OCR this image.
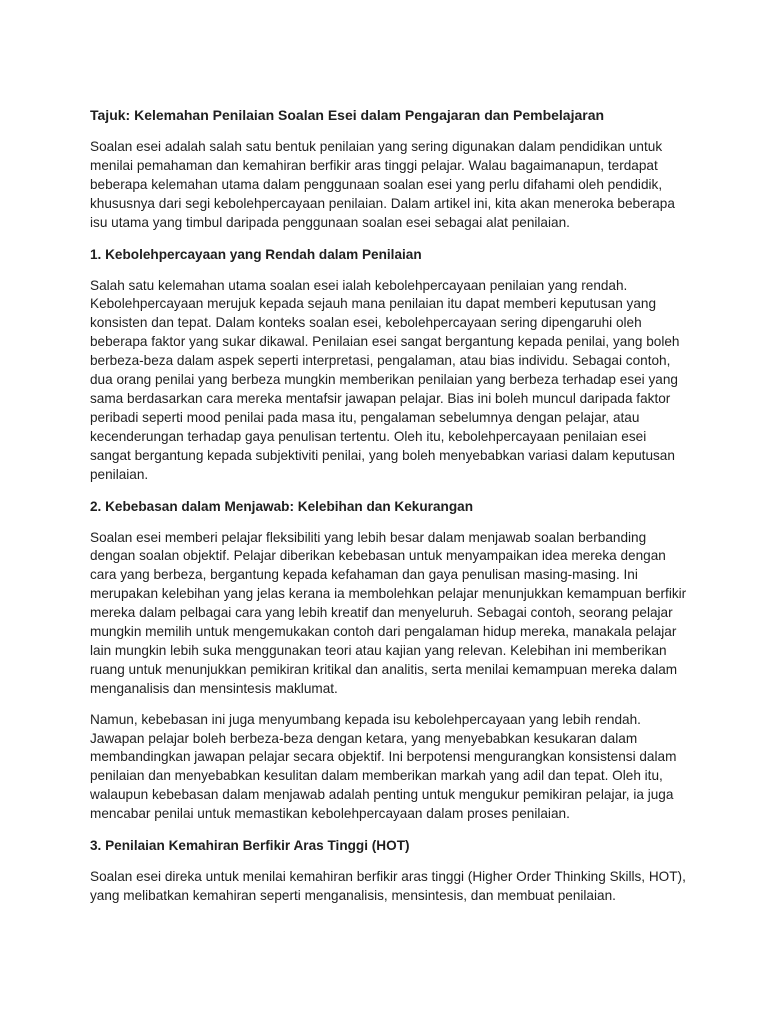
Tajuk: Kelemahan Penilaian Soalan Esei dalam Pengajaran dan Pembelajaran

Soalan esei adalah salah satu bentuk penilaian yang sering digunakan dalam pendidikan untuk menilai pemahaman dan kemahiran berfikir aras tinggi pelajar. Walau bagaimanapun, terdapat beberapa kelemahan utama dalam penggunaan soalan esei yang perlu difahami oleh pendidik, khususnya dari segi kebolehpercayaan penilaian. Dalam artikel ini, kita akan meneroka beberapa isu utama yang timbul daripada penggunaan soalan esei sebagai alat penilaian.

1. Kebolehpercayaan yang Rendah dalam Penilaian

Salah satu kelemahan utama soalan esei ialah kebolehpercayaan penilaian yang rendah. Kebolehpercayaan merujuk kepada sejauh mana penilaian itu dapat memberi keputusan yang konsisten dan tepat. Dalam konteks soalan esei, kebolehpercayaan sering dipengaruhi oleh beberapa faktor yang sukar dikawal. Penilaian esei sangat bergantung kepada penilai, yang boleh berbeza-beza dalam aspek seperti interpretasi, pengalaman, atau bias individu. Sebagai contoh, dua orang penilai yang berbeza mungkin memberikan penilaian yang berbeza terhadap esei yang sama berdasarkan cara mereka mentafsir jawapan pelajar. Bias ini boleh muncul daripada faktor peribadi seperti mood penilai pada masa itu, pengalaman sebelumnya dengan pelajar, atau kecenderungan terhadap gaya penulisan tertentu. Oleh itu, kebolehpercayaan penilaian esei sangat bergantung kepada subjektiviti penilai, yang boleh menyebabkan variasi dalam keputusan penilaian.

2. Kebebasan dalam Menjawab: Kelebihan dan Kekurangan

Soalan esei memberi pelajar fleksibiliti yang lebih besar dalam menjawab soalan berbanding dengan soalan objektif. Pelajar diberikan kebebasan untuk menyampaikan idea mereka dengan cara yang berbeza, bergantung kepada kefahaman dan gaya penulisan masing-masing. Ini merupakan kelebihan yang jelas kerana ia membolehkan pelajar menunjukkan kemampuan berfikir mereka dalam pelbagai cara yang lebih kreatif dan menyeluruh. Sebagai contoh, seorang pelajar mungkin memilih untuk mengemukakan contoh dari pengalaman hidup mereka, manakala pelajar lain mungkin lebih suka menggunakan teori atau kajian yang relevan. Kelebihan ini memberikan ruang untuk menunjukkan pemikiran kritikal dan analitis, serta menilai kemampuan mereka dalam menganalisis dan mensintesis maklumat.

Namun, kebebasan ini juga menyumbang kepada isu kebolehpercayaan yang lebih rendah. Jawapan pelajar boleh berbeza-beza dengan ketara, yang menyebabkan kesukaran dalam membandingkan jawapan pelajar secara objektif. Ini berpotensi mengurangkan konsistensi dalam penilaian dan menyebabkan kesulitan dalam memberikan markah yang adil dan tepat. Oleh itu, walaupun kebebasan dalam menjawab adalah penting untuk mengukur pemikiran pelajar, ia juga mencabar penilai untuk memastikan kebolehpercayaan dalam proses penilaian.

3. Penilaian Kemahiran Berfikir Aras Tinggi (HOT)

Soalan esei direka untuk menilai kemahiran berfikir aras tinggi (Higher Order Thinking Skills, HOT), yang melibatkan kemahiran seperti menganalisis, mensintesis, dan membuat penilaian.
